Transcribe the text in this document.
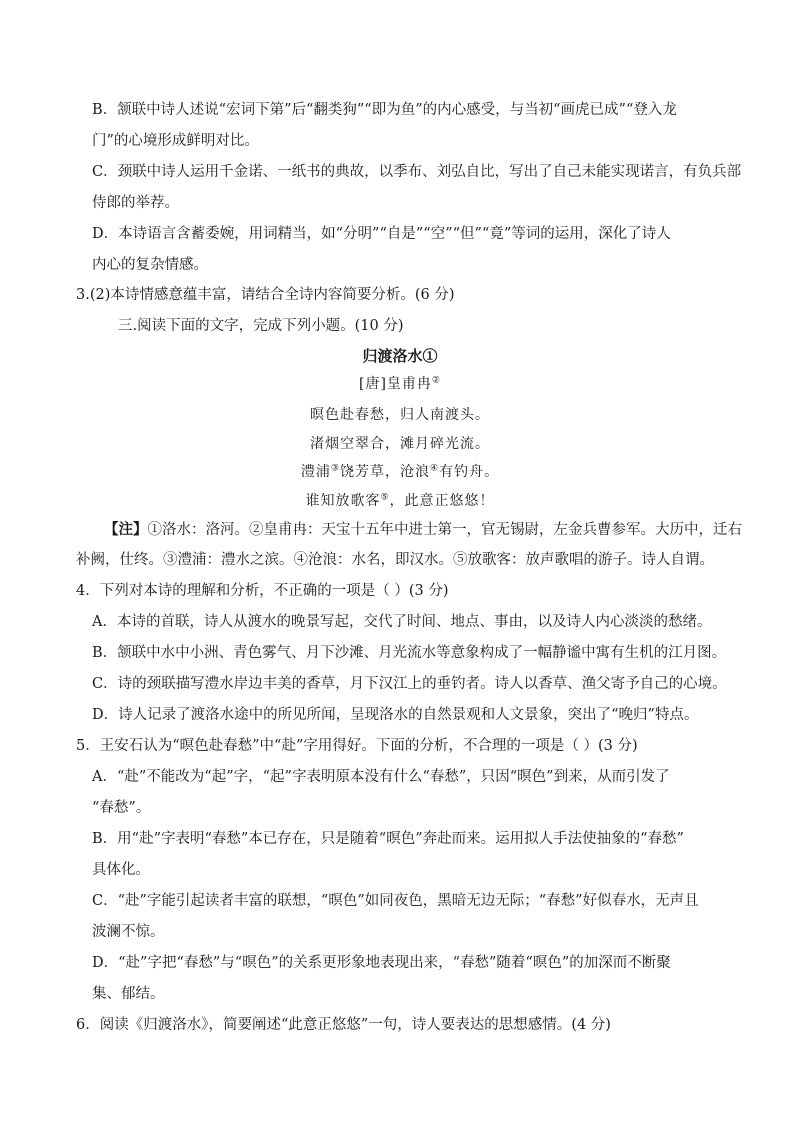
B．颔联中诗人述说“宏词下第”后“翻类狗”“即为鱼”的内心感受，与当初“画虎已成”“登入龙
门”的心境形成鲜明对比。
C．颈联中诗人运用千金诺、一纸书的典故，以季布、刘弘自比，写出了自己未能实现诺言，有负兵部
侍郎的举荐。
D．本诗语言含蓄委婉，用词精当，如“分明”“自是”“空”“但”“竟”等词的运用，深化了诗人
内心的复杂情感。
3.(2)本诗情感意蕴丰富，请结合全诗内容简要分析。(6 分)
三.阅读下面的文字，完成下列小题。(10 分)
归渡洛水①
[唐]皇甫冉②
暝色赴春愁，归人南渡头。
渚烟空翠合，滩月碎光流。
澧浦③饶芳草，沧浪④有钓舟。
谁知放歌客⑤，此意正悠悠！
【注】①洛水：洛河。②皇甫冉：天宝十五年中进士第一，官无锡尉，左金兵曹参军。大历中，迁右
补阙，仕终。③澧浦：澧水之滨。④沧浪：水名，即汉水。⑤放歌客：放声歌唱的游子。诗人自谓。
4．下列对本诗的理解和分析，不正确的一项是（ ）(3 分)
A．本诗的首联，诗人从渡水的晚景写起，交代了时间、地点、事由，以及诗人内心淡淡的愁绪。
B．颔联中水中小洲、青色雾气、月下沙滩、月光流水等意象构成了一幅静谧中寓有生机的江月图。
C．诗的颈联描写澧水岸边丰美的香草，月下汉江上的垂钓者。诗人以香草、渔父寄予自己的心境。
D．诗人记录了渡洛水途中的所见所闻，呈现洛水的自然景观和人文景象，突出了“晚归”特点。
5．王安石认为“暝色赴春愁”中“赴”字用得好。下面的分析，不合理的一项是（ ）(3 分)
A．“赴”不能改为“起”字，“起”字表明原本没有什么“春愁”，只因“暝色”到来，从而引发了
“春愁”。
B．用“赴”字表明“春愁”本已存在，只是随着“暝色”奔赴而来。运用拟人手法使抽象的“春愁”
具体化。
C．“赴”字能引起读者丰富的联想，“暝色”如同夜色，黑暗无边无际；“春愁”好似春水，无声且
波澜不惊。
D．“赴”字把“春愁”与“暝色”的关系更形象地表现出来，“春愁”随着“暝色”的加深而不断聚
集、郁结。
6．阅读《归渡洛水》，简要阐述“此意正悠悠”一句，诗人要表达的思想感情。(4 分)
